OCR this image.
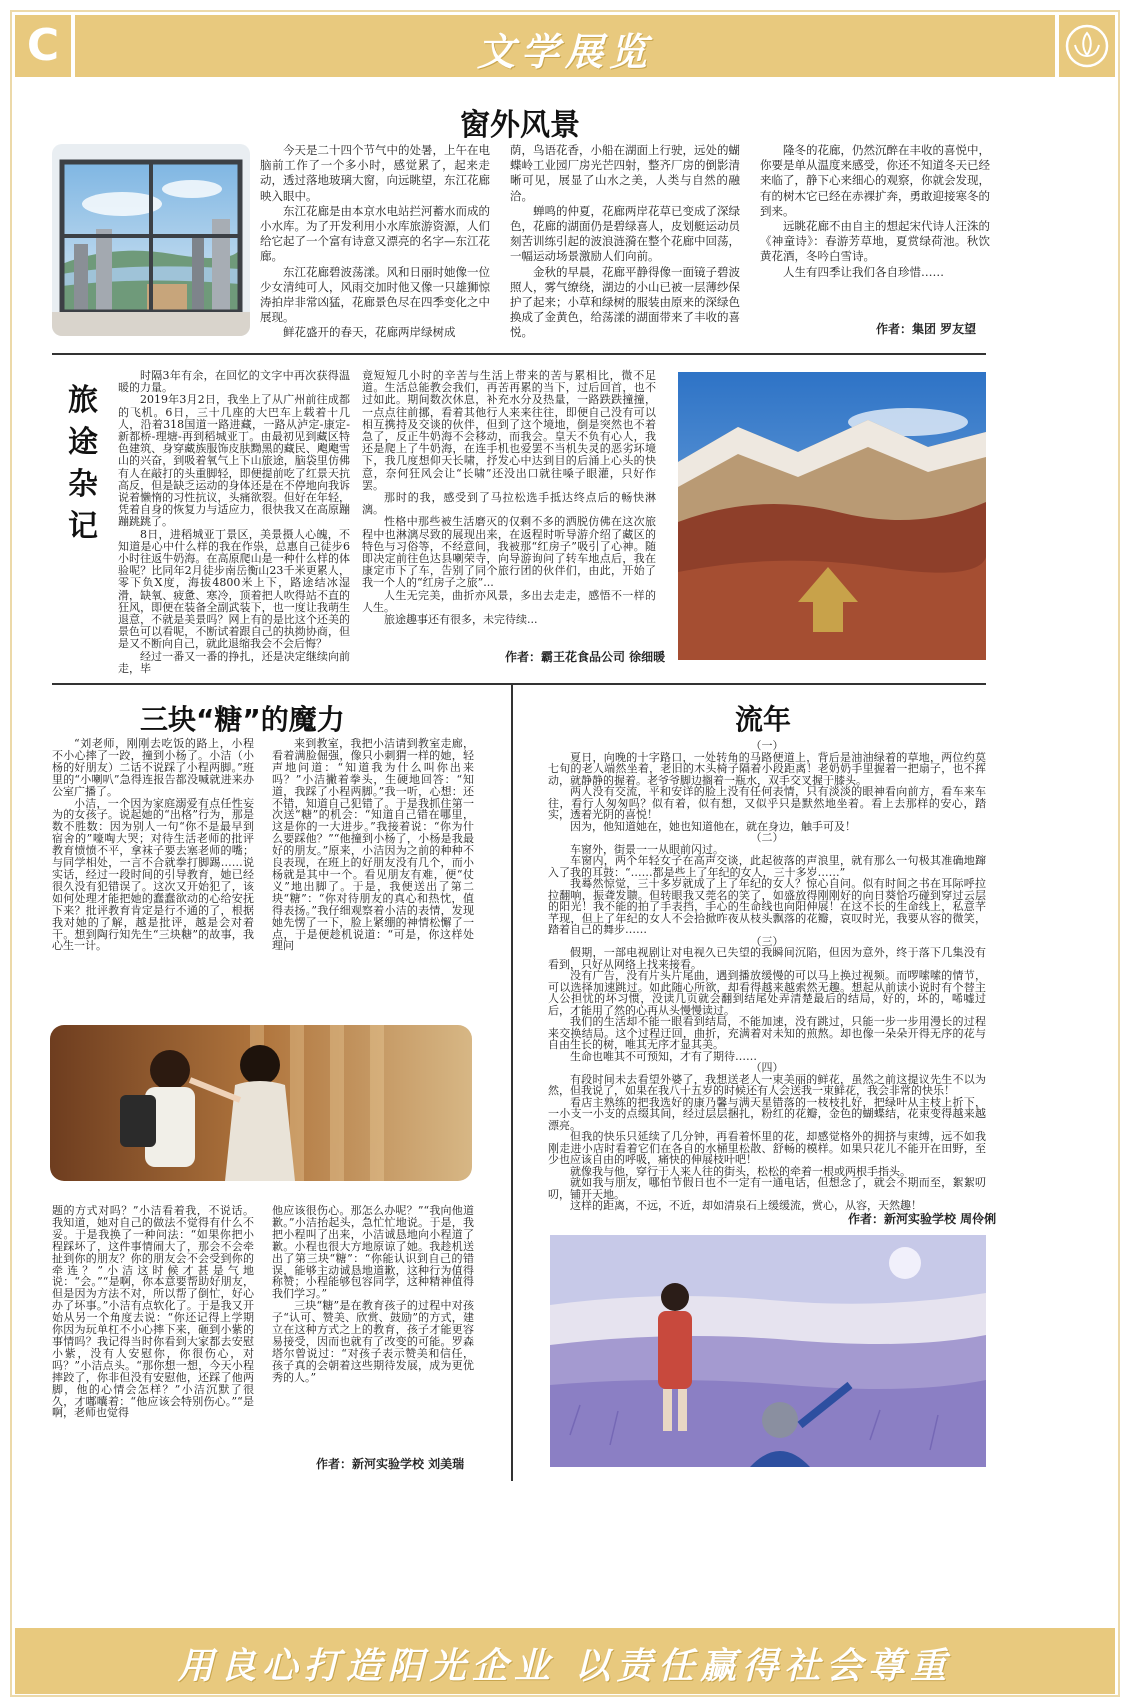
C	文学展览
窗外风景

今天是二十四个节气中的处暑，上午在电脑前工作了一个多小时，感觉累了，起来走动，透过落地玻璃大窗，向远眺望，东江花廊映入眼中。

东江花廊是由本京水电站拦河蓄水而成的小水库。为了开发利用小水库旅游资源，人们给它起了一个富有诗意又漂亮的名字—东江花廊。

东江花廊碧波荡漾。风和日丽时她像一位少女清纯可人，风雨交加时他又像一只雄狮惊涛拍岸非常凶猛，花廊景色尽在四季变化之中展现。

鲜花盛开的春天，花廊两岸绿树成

荫，鸟语花香，小船在湖面上行驶，远处的蝴蝶岭工业园厂房光芒四射，整齐厂房的倒影清晰可见，展显了山水之美，人类与自然的融洽。

蝉鸣的仲夏，花廊两岸花草已变成了深绿色，花廊的湖面仍是碧绿喜人，皮划艇运动员刻苦训练引起的波浪涟漪在整个花廊中回荡，一幅运动场景激励人们向前。

金秋的早晨，花廊平静得像一面镜子碧波照人，雾气缭绕，湖边的小山已被一层薄纱保护了起来；小草和绿树的服装由原来的深绿色换成了金黄色，给荡漾的湖面带来了丰收的喜悦。

隆冬的花廊，仍然沉醉在丰收的喜悦中，你要是单从温度来感受，你还不知道冬天已经来临了，静下心来细心的观察，你就会发现，有的树木它已经在赤裸扩奔，勇敢迎接寒冬的到来。

远眺花廊不由自主的想起宋代诗人汪洙的《神童诗》：春游芳草地，夏赏绿荷池。秋饮黄花酒，冬吟白雪诗。

人生有四季让我们各自珍惜……

作者：集团 罗友望
旅途杂记

时隔3年有余，在回忆的文字中再次获得温暖的力量。

2019年3月2日，我坐上了从广州前往成都的飞机。6日，三十几座的大巴车上载着十几人，沿着318国道一路进藏，一路从泸定-康定-新都桥-理塘-再到稻城亚丁。由最初见到藏区特色建筑、身穿藏族服饰皮肤黝黑的藏民、飑飑雪山的兴奋，到吸着氧气上下山旅途，脑袋里仿佛有人在敲打的头重脚轻，即便提前吃了红景天抗高反，但是缺乏运动的身体还是在不停地向我诉说着懒惰的习性抗议，头痛欲裂。但好在年轻，凭着自身的恢复力与适应力，很快我又在高原蹦蹦跳跳了。

8日，进稻城亚丁景区，美景摄人心魄，不知道是心中什么样的我在作祟，总惠自己徒步6小时往返牛奶海。在高原爬山是一种什么样的体验呢？比同年2月徒步南岳衡山23千米更累人，零下负X度，海拔4800米上下，路途结冰湿滑，缺氧、疲惫、寒冷，顶着把人吹得站不直的狂风，即便在装备全副武装下，也一度让我萌生退意，不就是美景吗？网上有的是比这个还美的景色可以看呢，不断试着跟自己的执拗协商，但是又不断向自己，就此退缩我会不会后悔？

经过一番又一番的挣扎，还是决定继续向前走，毕

竟短短几小时的辛苦与生活上带来的苦与累相比，微不足道。生活总能教会我们，再苦再累的当下，过后回首，也不过如此。期间数次休息，补充水分及热量，一路跌跌撞撞，一点点往前挪，看着其他行人来来往往，即便自己没有可以相互携持及交谈的伙伴，但到了这个境地，倒是突然也不着急了，反正牛奶海不会移动，而我会。皇天不负有心人，我还是爬上了牛奶海，在连手机也爱罢不当机失灵的恶劣环境下，我几度想仰天长啸，抒发心中达到目的后涌上心头的快意，奈何狂风会让“长啸”还没出口就往嗓子眼灌，只好作罢。

那时的我，感受到了马拉松选手抵达终点后的畅快淋漓。

性格中那些被生活磨灭的仅剩不多的洒脱仿佛在这次旅程中也淋漓尽致的展现出来，在返程时听导游介绍了藏区的特色与习俗等，不经意间，我被那“红房子”吸引了心神。随即决定前往色达县喇荣寺，向导游询问了转车地点后，我在康定市下了车，告别了同个旅行团的伙伴们，由此，开始了我一个人的“红房子之旅”...

人生无完美，曲折亦风景，多出去走走，感悟不一样的人生。

旅途趣事还有很多，未完待续...

作者：霸王花食品公司 徐细暖
三块“糖”的魔力

“刘老师，刚刚去吃饭的路上，小程不小心摔了一跤，撞到小杨了。小洁（小杨的好朋友）二话不说踩了小程两脚。”班里的“小喇叭”急得连报告都没喊就进来办公室广播了。

小洁，一个因为家庭溺爱有点任性妄为的女孩子。说起她的“出格”行为，那是数不胜数：因为别人一句“你不是最早到宿舍的”嚎啕大哭；对待生活老师的批评教育愤愤不平，拿袜子要去塞老师的嘴；与同学相处，一言不合就拳打脚踢……说实话，经过一段时间的引导教育，她已经很久没有犯错误了。这次又开始犯了，该如何处理才能把她的蠢蠢欲动的心给安抚下来？批评教育肯定是行不通的了，根据我对她的了解，越是批评，越是会对着干。想到陶行知先生“三块糖”的故事，我心生一计。

来到教室，我把小洁请到教室走廊，看着满脸倔强，像只小刺猬一样的她，轻声地问道：“知道我为什么叫你出来吗？”小洁撇着拳头，生硬地回答：“知道，我踩了小程两脚。”我一听，心想：还不错，知道自己犯错了。于是我抓住第一次送“糖”的机会：“知道自己错在哪里，这是你的一大进步。”我接着说：“你为什么要踩他？”“他撞到小杨了，小杨是我最好的朋友。”原来，小洁因为之前的种种不良表现，在班上的好朋友没有几个，而小杨就是其中一个。看见朋友有难，便“仗义”地出脚了。于是，我便送出了第二块“糖”：“你对待朋友的真心和热忱，值得表扬。”我仔细观察着小洁的表情，发现她先愣了一下，脸上紧绷的神情松懈了一点，于是便趁机说道：“可是，你这样处理问

题的方式对吗？”小洁看着我，不说话。我知道，她对自己的做法不觉得有什么不妥。于是我换了一种问法：“如果你把小程踩坏了，这件事情闹大了，那会不会牵扯到你的朋友？你的朋友会不会受到你的牵连？”小洁这时候才甚是气地说：“会。”“是啊，你本意要帮助好朋友，但是因为方法不对，所以帮了倒忙，好心办了坏事。”小洁有点软化了。于是我又开始从另一个角度去说：“你还记得上学期你因为玩单杠不小心摔下来，砸到小紫的事情吗？我记得当时你看到大家都去安慰小紫，没有人安慰你，你很伤心，对吗？”小洁点头。“那你想一想，今天小程摔跤了，你非但没有安慰他，还踩了他两脚，他的心情会怎样？”小洁沉默了很久，才嘟囔着：“他应该会特别伤心。”“是啊，老师也觉得

他应该很伤心。那怎么办呢？”“我向他道歉。”小洁抬起头，急忙忙地说。于是，我把小程叫了出来，小洁诚恳地向小程道了歉。小程也很大方地原谅了她。我趁机送出了第三块“糖”：“你能认识到自己的错误，能够主动诚恳地道歉，这种行为值得称赞；小程能够包容同学，这种精神值得我们学习。”

三块“糖”是在教育孩子的过程中对孩子“认可、赞美、欣赏、鼓励”的方式，建立在这种方式之上的教育，孩子才能更容易接受，因而也就有了改变的可能。罗森塔尔曾说过：“对孩子表示赞美和信任，孩子真的会朝着这些期待发展，成为更优秀的人。”

作者：新河实验学校 刘美瑞
流年
（一）

夏日，向晚的十字路口，一处转角的马路便道上，背后是油油绿着的草地，两位约莫七旬的老人端然坐着，老旧的木头椅子隔着小段距离！老奶奶手里握着一把扇子，也不挥动，就静静的握着。老爷爷脚边搁着一瓶水，双手交叉握于膝头。

两人没有交流，平和安详的脸上没有任何表情，只有淡淡的眼神看向前方，看车来车往，看行人匆匆吗？似有着，似有想，又似乎只是默然地坐着。看上去那样的安心，踏实，透着光阴的喜悦！

因为，他知道她在，她也知道他在，就在身边，触手可及！

（二）

车窗外，街景一一从眼前闪过。

车窗内，两个年轻女子在高声交谈，此起彼落的声浪里，就有那么一句极其准确地蹿入了我的耳鼓：“……都是些上了年纪的女人，三十多岁……”

我蓦然惊觉，三十多岁就成了上了年纪的女人？惊心自问。似有时间之书在耳际呼拉拉翻响，振聋发聩。但转眼我又莞名的笑了，如盛放得刚刚好的向日葵恰巧碰到穿过云层的阳光！我不能的拍了手表挡，手心的生命线也向阳伸展！在这不长的生命线上，私意芊芊现，但上了年纪的女人不会拾掀昨夜从枝头飘落的花瓣，哀叹时光，我要从容的微笑，踏着自己的舞步……

（三）

假期，一部电视剧让对电视久已失望的我瞬间沉陷，但因为意外，终于落下几集没有看到，只好从网络上找来接看。

没有广告，没有片头片尾曲，遇到播放缓慢的可以马上换过视频。而啰嗦嗦的情节，可以选择加速跳过。如此随心所欲，却看得越来越索然无趣。想起从前读小说时有个替主人公担忧的坏习惯，没读几页就会翻到结尾处弄清楚最后的结局，好的，坏的，唏嘘过后，才能用了然的心再从头慢慢读过。

我们的生活却不能一眼看到结局，不能加速，没有跳过，只能一步一步用漫长的过程来交换结局。这个过程迂回，曲折，充满着对未知的煎熬。却也像一朵朵开得无序的花与自由生长的树，唯其无序才显其美。

生命也唯其不可预知，才有了期待……

（四）

有段时间未去看望外婆了，我想送老人一束美丽的鲜花，虽然之前这提议先生不以为然，但我说了，如果在我八十五岁的时候还有人会送我一束鲜花，我会非常的快乐！

看店主熟练的把我选好的康乃馨与满天星错落的一枝枝扎好，把绿叶从主枝上折下，一小支一小支的点缀其间，经过层层捆扎，粉红的花瓣，金色的蝴蝶结，花束变得越来越漂亮。

但我的快乐只延续了几分钟，再看着怀里的花，却感觉格外的拥挤与束缚，远不如我刚走进小店时看着它们在各自的水桶里松散、舒畅的模样。如果只花儿不能开在田野，至少也应该自由的呼吸，痛快的伸展枝叶吧！

就像我与他，穿行于人来人往的街头，松松的牵着一根或两根手指头。

就如我与朋友，哪怕节假日也不一定有一通电话，但想念了，就会不期而至，絮絮叨叨，铺开天地。

这样的距离，不远，不近，却如清泉石上缓缓流，赏心，从容，天然趣！

作者：新河实验学校 周伶俐
用良心打造阳光企业 以责任赢得社会尊重
